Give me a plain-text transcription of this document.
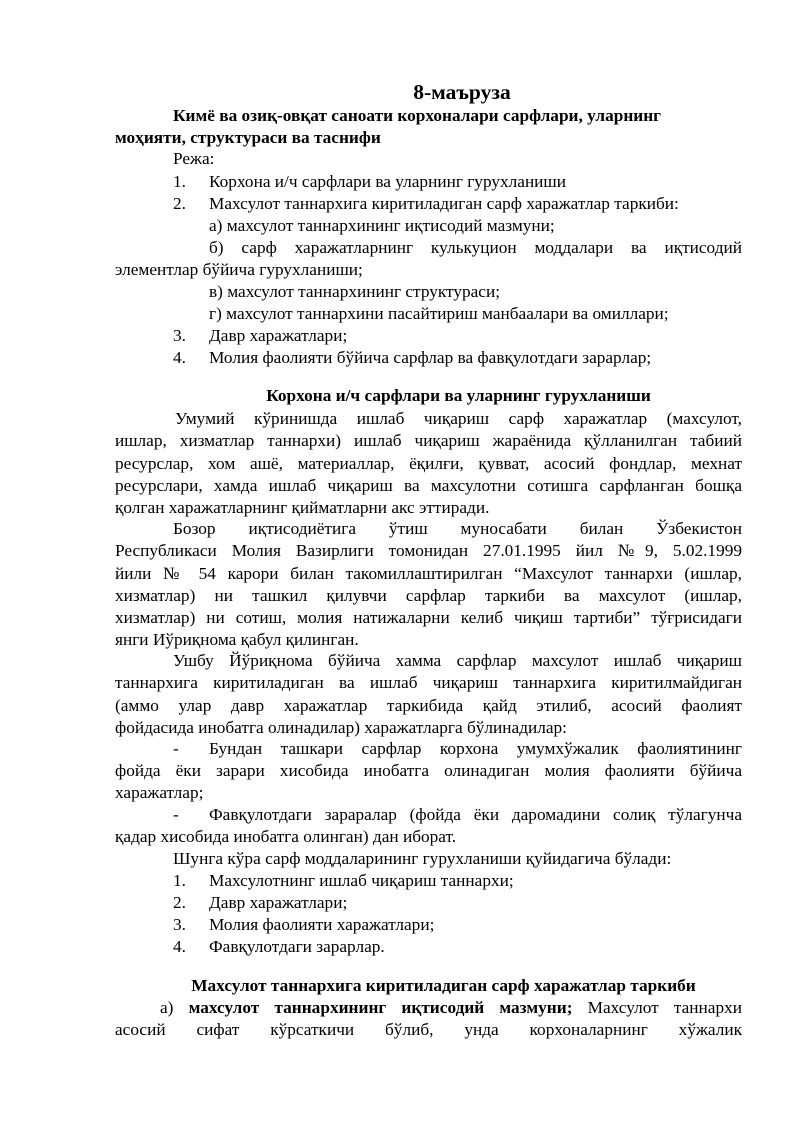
8-маъруза
Кимё ва озиқ-овқат саноати корхоналари сарфлари, уларнинг
моҳияти, структураси ва таснифи
Режа:
1. Корхона и/ч сарфлари ва уларнинг гурухланиши
2. Махсулот таннархига киритиладиган сарф харажатлар таркиби:
а) махсулот таннархининг иқтисодий мазмуни;
б) сарф харажатларнинг кулькуцион моддалари ва иқтисодий
элементлар бўйича гурухланиши;
в) махсулот таннархининг структураси;
г) махсулот таннархини пасайтириш манбаалари ва омиллари;
3. Давр харажатлари;
4. Молия фаолияти бўйича сарфлар ва фавқулотдаги зарарлар;
Корхона и/ч сарфлари ва уларнинг гурухланиши
Умумий кўринишда ишлаб чиқариш сарф харажатлар (махсулот,
ишлар, хизматлар таннархи) ишлаб чиқариш жараёнида қўлланилган табиий
ресурслар, хом ашё, материаллар, ёқилғи, қувват, асосий фондлар, мехнат
ресурслари, хамда ишлаб чиқариш ва махсулотни сотишга сарфланган бошқа
қолган харажатларнинг қийматларни акс эттиради.
Бозор иқтисодиётига ўтиш муносабати билан Ўзбекистон
Республикаси Молия Вазирлиги томонидан 27.01.1995 йил №9, 5.02.1999
йили № 54 карори билан такомиллаштирилган “Махсулот таннархи (ишлар,
хизматлар) ни ташкил қилувчи сарфлар таркиби ва махсулот (ишлар,
хизматлар) ни сотиш, молия натижаларни келиб чиқиш тартиби” тўғрисидаги
янги Иўриқнома қабул қилинган.
Ушбу Йўриқнома бўйича хамма сарфлар махсулот ишлаб чиқариш
таннархига киритиладиган ва ишлаб чиқариш таннархига киритилмайдиган
(аммо улар давр харажатлар таркибида қайд этилиб, асосий фаолият
фойдасида инобатга олинадилар) харажатларга бўлинадилар:
- Бундан ташкари сарфлар корхона умумхўжалик фаолиятининг
фойда ёки зарари хисобида инобатга олинадиган молия фаолияти бўйича
харажатлар;
- Фавқулотдаги зараралар (фойда ёки даромадини солиқ тўлагунча
қадар хисобида инобатга олинган) дан иборат.
Шунга кўра сарф моддаларининг гурухланиши қуйидагича бўлади:
1. Махсулотнинг ишлаб чиқариш таннархи;
2. Давр харажатлари;
3. Молия фаолияти харажатлари;
4. Фавқулотдаги зарарлар.
Махсулот таннархига киритиладиган сарф харажатлар таркиби
а) махсулот таннархининг иқтисодий мазмуни; Махсулот таннархи
асосий сифат кўрсаткичи бўлиб, унда корхоналарнинг хўжалик
